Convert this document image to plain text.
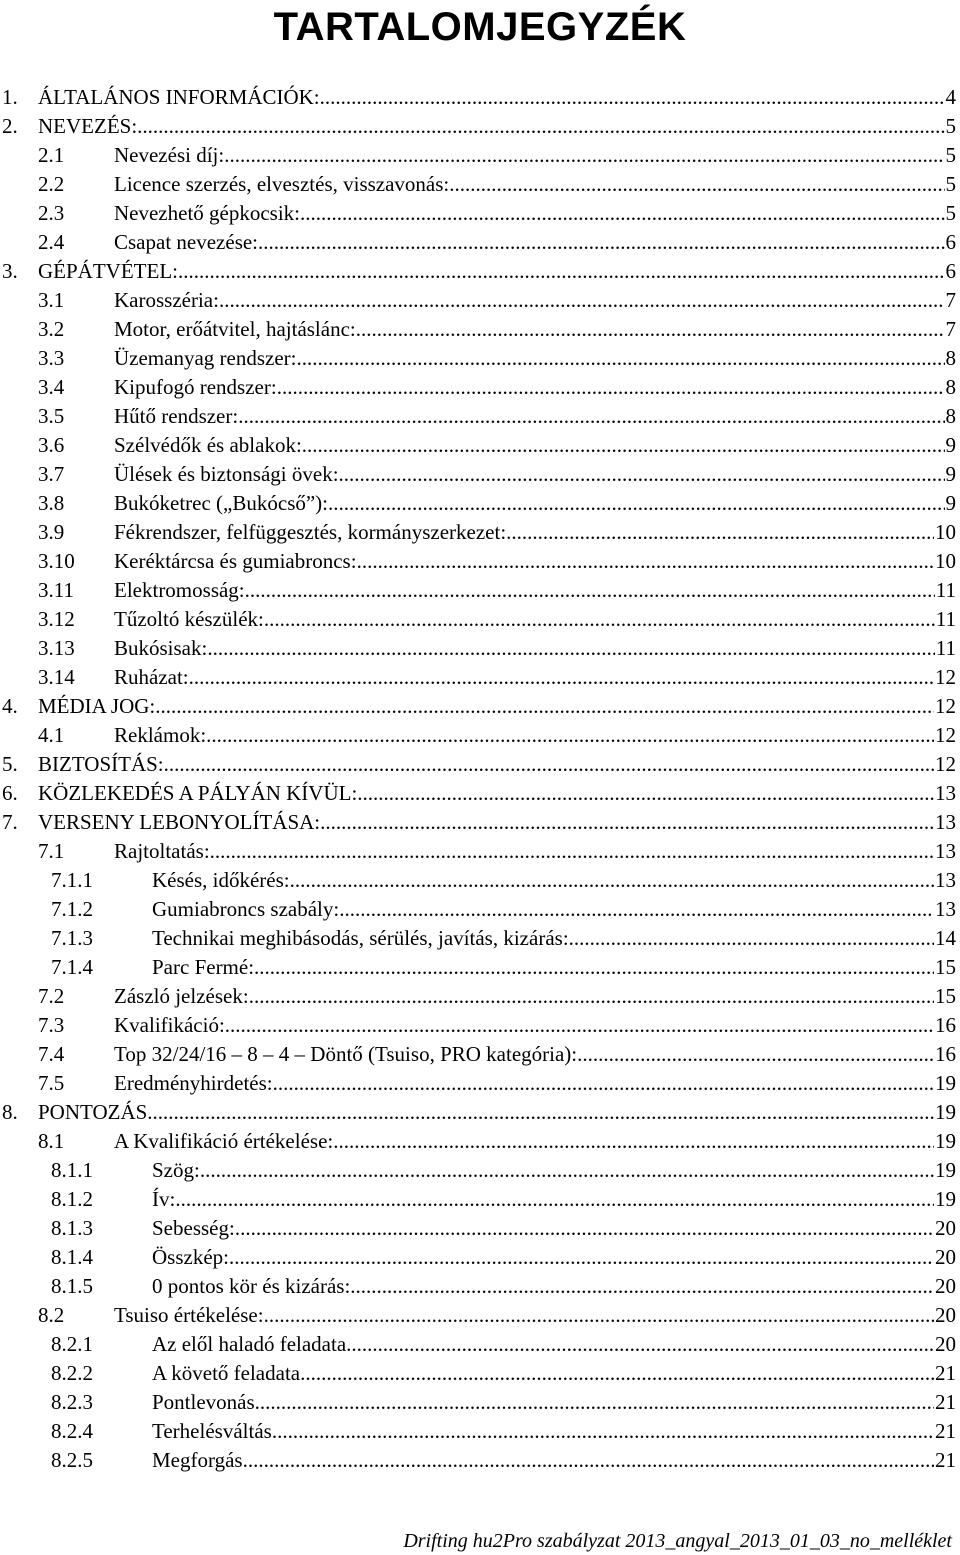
TARTALOMJEGYZÉK
1. ÁLTALÁNOS INFORMÁCIÓK: .....	4
2. NEVEZÉS: .....	5
2.1 Nevezési díj: .....	5
2.2 Licence szerzés, elvesztés, visszavonás: .....	5
2.3 Nevezhető gépkocsik: .....	5
2.4 Csapat nevezése: .....	6
3. GÉPÁTVÉTEL: .....	6
3.1 Karosszéria: .....	7
3.2 Motor, erőátvitel, hajtáslánc: .....	7
3.3 Üzemanyag rendszer: .....	8
3.4 Kipufogó rendszer: .....	8
3.5 Hűtő rendszer: .....	8
3.6 Szélvédők és ablakok: .....	9
3.7 Ülések és biztonsági övek: .....	9
3.8 Bukóketrec („Bukócső”): .....	9
3.9 Fékrendszer, felfüggesztés, kormányszerkezet: .....	10
3.10 Keréktárcsa és gumiabroncs: .....	10
3.11 Elektromosság: .....	11
3.12 Tűzoltó készülék: .....	11
3.13 Bukósisak: .....	11
3.14 Ruházat: .....	12
4. MÉDIA JOG: .....	12
4.1 Reklámok: .....	12
5. BIZTOSÍTÁS: .....	12
6. KÖZLEKEDÉS A PÁLYÁN KÍVÜL: .....	13
7. VERSENY LEBONYOLÍTÁSA: .....	13
7.1 Rajtoltatás: .....	13
7.1.1	Késés, időkérés: .....	13
7.1.2	Gumiabroncs szabály: .....	13
7.1.3	Technikai meghibásodás, sérülés, javítás, kizárás: .....	14
7.1.4	Parc Fermé: .....	15
7.2 Zászló jelzések: .....	15
7.3 Kvalifikáció: .....	16
7.4 Top 32/24/16 – 8 – 4 – Döntő (Tsuiso, PRO kategória): .....	16
7.5 Eredményhirdetés: .....	19
8. PONTOZÁS .....	19
8.1 A Kvalifikáció értékelése: .....	19
8.1.1	Szög: .....	19
8.1.2	Ív: .....	19
8.1.3	Sebesség: .....	20
8.1.4	Összkép: .....	20
8.1.5	0 pontos kör és kizárás: .....	20
8.2 Tsuiso értékelése: .....	20
8.2.1	Az elől haladó feladata .....	20
8.2.2	A követő feladata .....	21
8.2.3	Pontlevonás .....	21
8.2.4	Terhelésváltás .....	21
8.2.5	Megforgás .....	21
Drifting hu2Pro szabályzat 2013_angyal_2013_01_03_no_melléklet
